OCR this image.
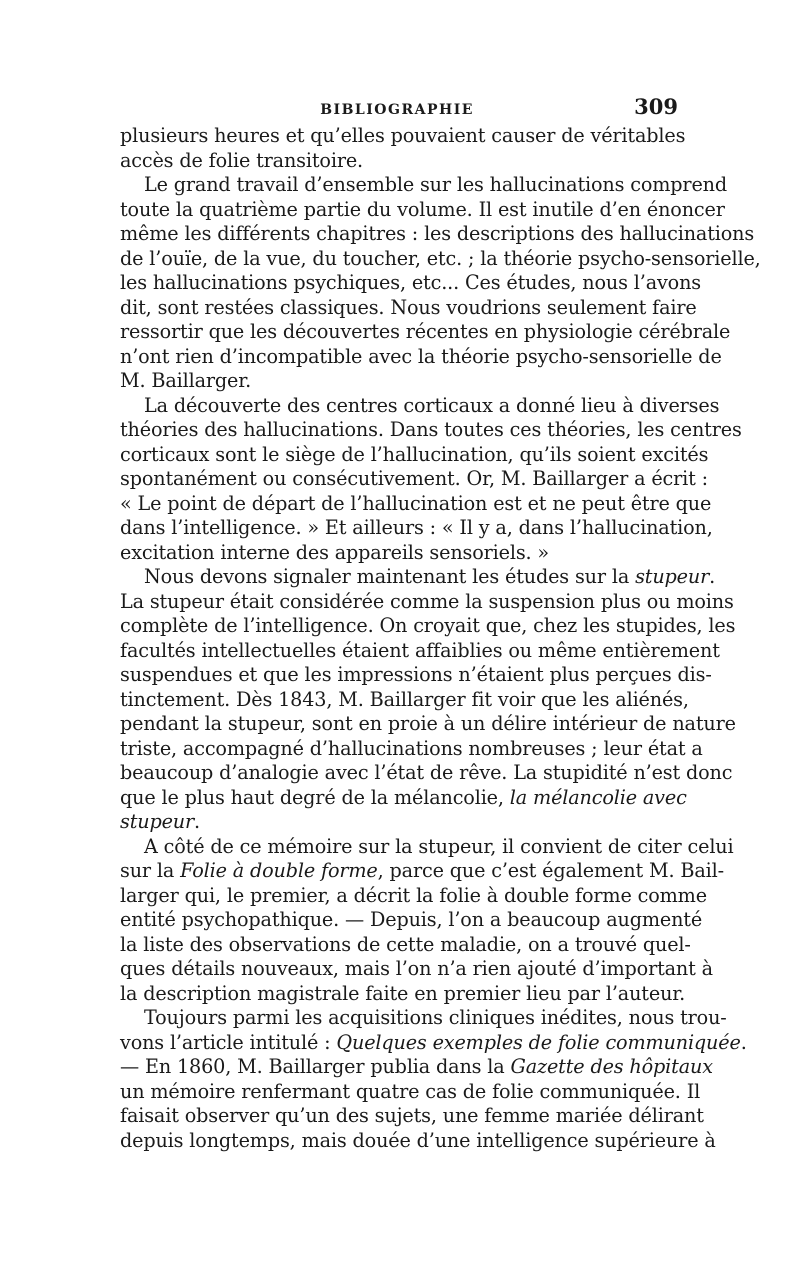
BIBLIOGRAPHIE	309
plusieurs heures et qu’elles pouvaient causer de véritables
accès de folie transitoire.
Le grand travail d’ensemble sur les hallucinations comprend
toute la quatrième partie du volume. Il est inutile d’en énoncer
même les différents chapitres : les descriptions des hallucinations
de l’ouïe, de la vue, du toucher, etc. ; la théorie psycho-sensorielle,
les hallucinations psychiques, etc... Ces études, nous l’avons
dit, sont restées classiques. Nous voudrions seulement faire
ressortir que les découvertes récentes en physiologie cérébrale
n’ont rien d’incompatible avec la théorie psycho-sensorielle de
M. Baillarger.
La découverte des centres corticaux a donné lieu à diverses
théories des hallucinations. Dans toutes ces théories, les centres
corticaux sont le siège de l’hallucination, qu’ils soient excités
spontanément ou consécutivement. Or, M. Baillarger a écrit :
« Le point de départ de l’hallucination est et ne peut être que
dans l’intelligence. » Et ailleurs : « Il y a, dans l’hallucination,
excitation interne des appareils sensoriels. »
Nous devons signaler maintenant les études sur la stupeur.
La stupeur était considérée comme la suspension plus ou moins
complète de l’intelligence. On croyait que, chez les stupides, les
facultés intellectuelles étaient affaiblies ou même entièrement
suspendues et que les impressions n’étaient plus perçues dis-
tinctement. Dès 1843, M. Baillarger fit voir que les aliénés,
pendant la stupeur, sont en proie à un délire intérieur de nature
triste, accompagné d’hallucinations nombreuses ; leur état a
beaucoup d’analogie avec l’état de rêve. La stupidité n’est donc
que le plus haut degré de la mélancolie, la mélancolie avec
stupeur.
A côté de ce mémoire sur la stupeur, il convient de citer celui
sur la Folie à double forme, parce que c’est également M. Bail-
larger qui, le premier, a décrit la folie à double forme comme
entité psychopathique. — Depuis, l’on a beaucoup augmenté
la liste des observations de cette maladie, on a trouvé quel-
ques détails nouveaux, mais l’on n’a rien ajouté d’important à
la description magistrale faite en premier lieu par l’auteur.
Toujours parmi les acquisitions cliniques inédites, nous trou-
vons l’article intitulé : Quelques exemples de folie communiquée.
— En 1860, M. Baillarger publia dans la Gazette des hôpitaux
un mémoire renfermant quatre cas de folie communiquée. Il
faisait observer qu’un des sujets, une femme mariée délirant
depuis longtemps, mais douée d’une intelligence supérieure à
